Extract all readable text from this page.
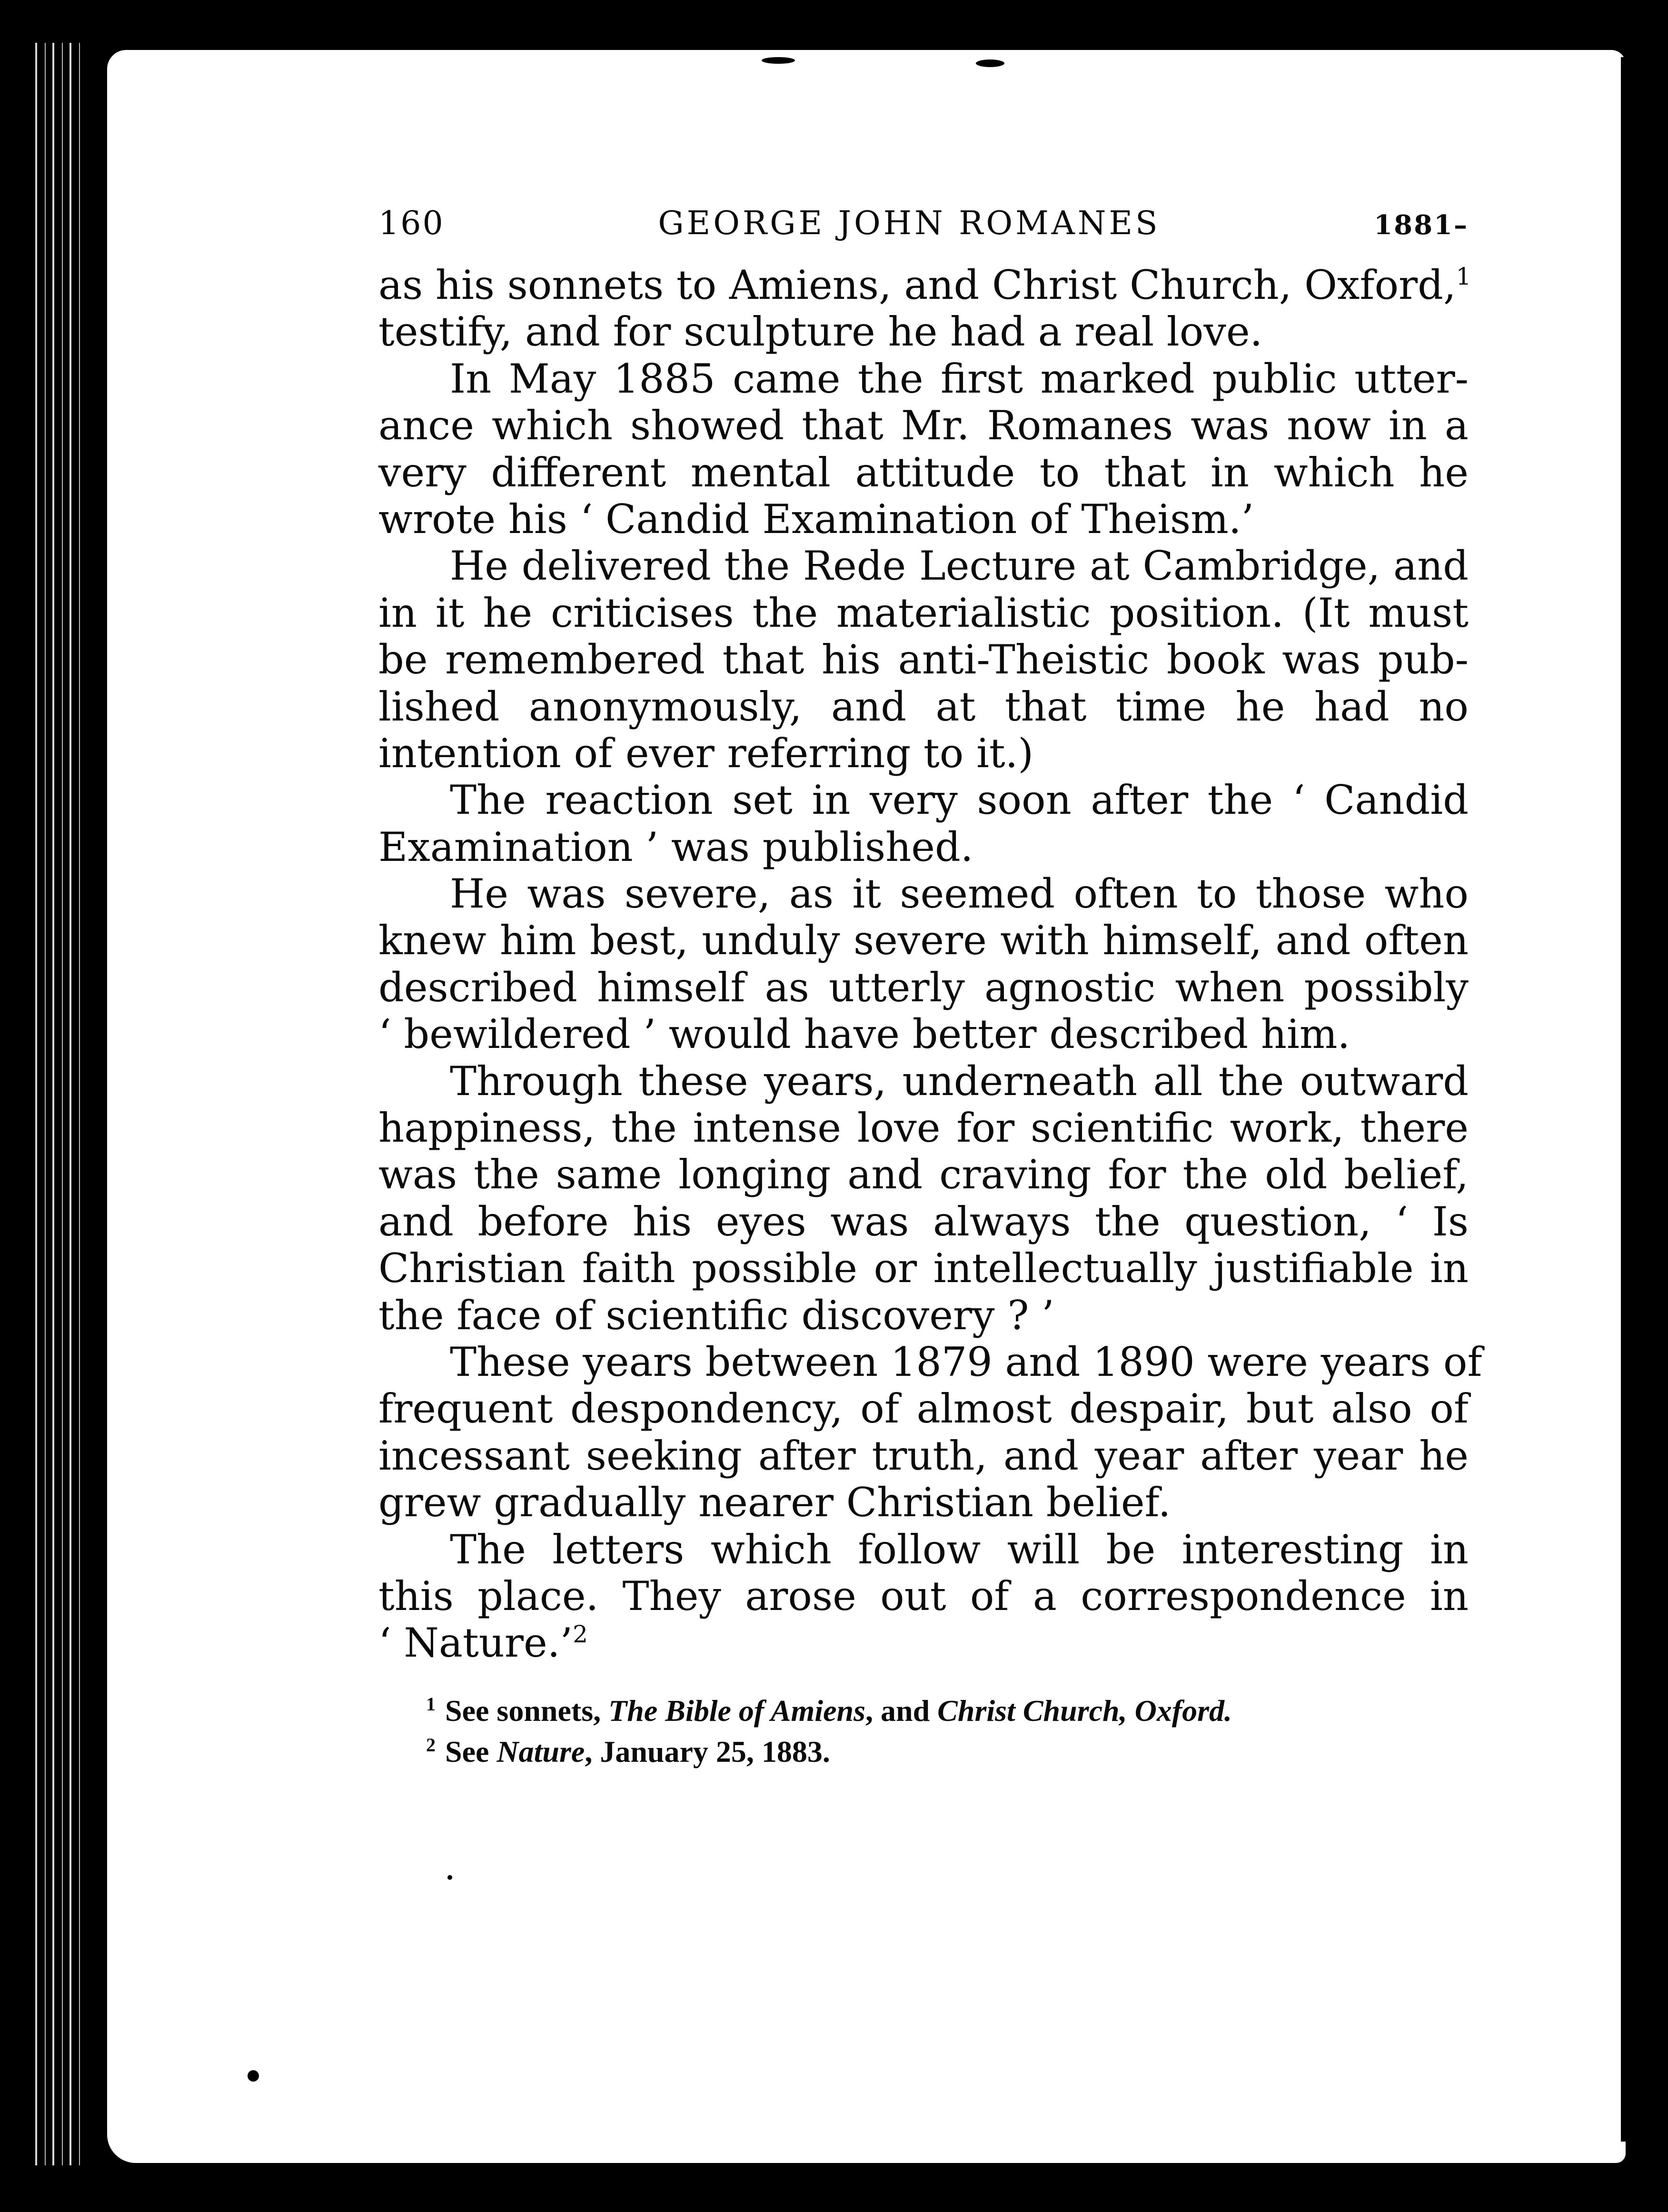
160	GEORGE JOHN ROMANES	1881–
as his sonnets to Amiens, and Christ Church, Oxford,$^1$
testify, and for sculpture he had a real love.
In May 1885 came the first marked public utter-
ance which showed that Mr. Romanes was now in a
very different mental attitude to that in which he
wrote his ‘ Candid Examination of Theism.’
He delivered the Rede Lecture at Cambridge, and
in it he criticises the materialistic position. (It must
be remembered that his anti-Theistic book was pub-
lished anonymously, and at that time he had no
intention of ever referring to it.)
The reaction set in very soon after the ‘ Candid
Examination ’ was published.
He was severe, as it seemed often to those who
knew him best, unduly severe with himself, and often
described himself as utterly agnostic when possibly
‘ bewildered ’ would have better described him.
Through these years, underneath all the outward
happiness, the intense love for scientific work, there
was the same longing and craving for the old belief,
and before his eyes was always the question, ‘ Is
Christian faith possible or intellectually justifiable in
the face of scientific discovery ? ’
These years between 1879 and 1890 were years of
frequent despondency, of almost despair, but also of
incessant seeking after truth, and year after year he
grew gradually nearer Christian belief.
The letters which follow will be interesting in
this place. They arose out of a correspondence in
‘ Nature.’$^2$
$^1$ See sonnets, The Bible of Amiens, and Christ Church, Oxford.
$^2$ See Nature, January 25, 1883.
